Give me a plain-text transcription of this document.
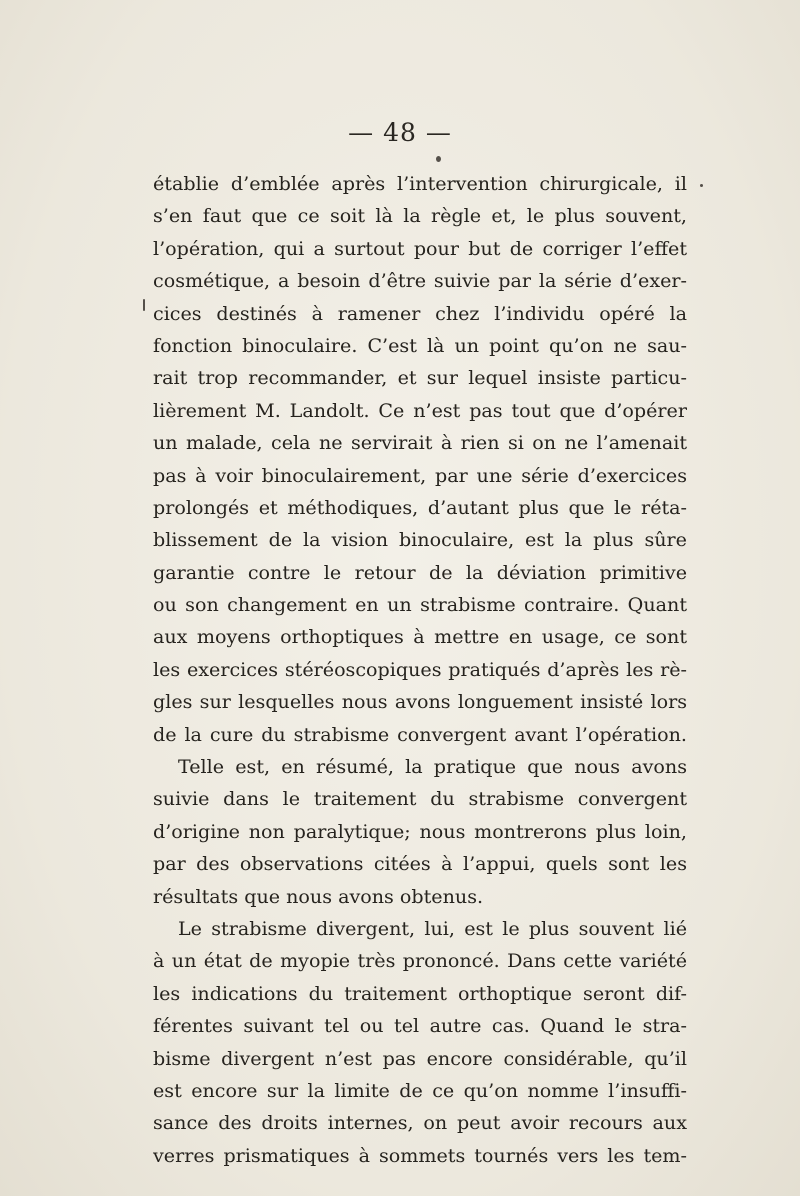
— 48 —
établie d’emblée après l’intervention chirurgicale, il
s’en faut que ce soit là la règle et, le plus souvent,
l’opération, qui a surtout pour but de corriger l’effet
cosmétique, a besoin d’être suivie par la série d’exer-
cices destinés à ramener chez l’individu opéré la
fonction binoculaire. C’est là un point qu’on ne sau-
rait trop recommander, et sur lequel insiste particu-
lièrement M. Landolt. Ce n’est pas tout que d’opérer
un malade, cela ne servirait à rien si on ne l’amenait
pas à voir binoculairement, par une série d’exercices
prolongés et méthodiques, d’autant plus que le réta-
blissement de la vision binoculaire, est la plus sûre
garantie contre le retour de la déviation primitive
ou son changement en un strabisme contraire. Quant
aux moyens orthoptiques à mettre en usage, ce sont
les exercices stéréoscopiques pratiqués d’après les rè-
gles sur lesquelles nous avons longuement insisté lors
de la cure du strabisme convergent avant l’opération.
Telle est, en résumé, la pratique que nous avons
suivie dans le traitement du strabisme convergent
d’origine non paralytique; nous montrerons plus loin,
par des observations citées à l’appui, quels sont les
résultats que nous avons obtenus.
Le strabisme divergent, lui, est le plus souvent lié
à un état de myopie très prononcé. Dans cette variété
les indications du traitement orthoptique seront dif-
férentes suivant tel ou tel autre cas. Quand le stra-
bisme divergent n’est pas encore considérable, qu’il
est encore sur la limite de ce qu’on nomme l’insuffi-
sance des droits internes, on peut avoir recours aux
verres prismatiques à sommets tournés vers les tem-
